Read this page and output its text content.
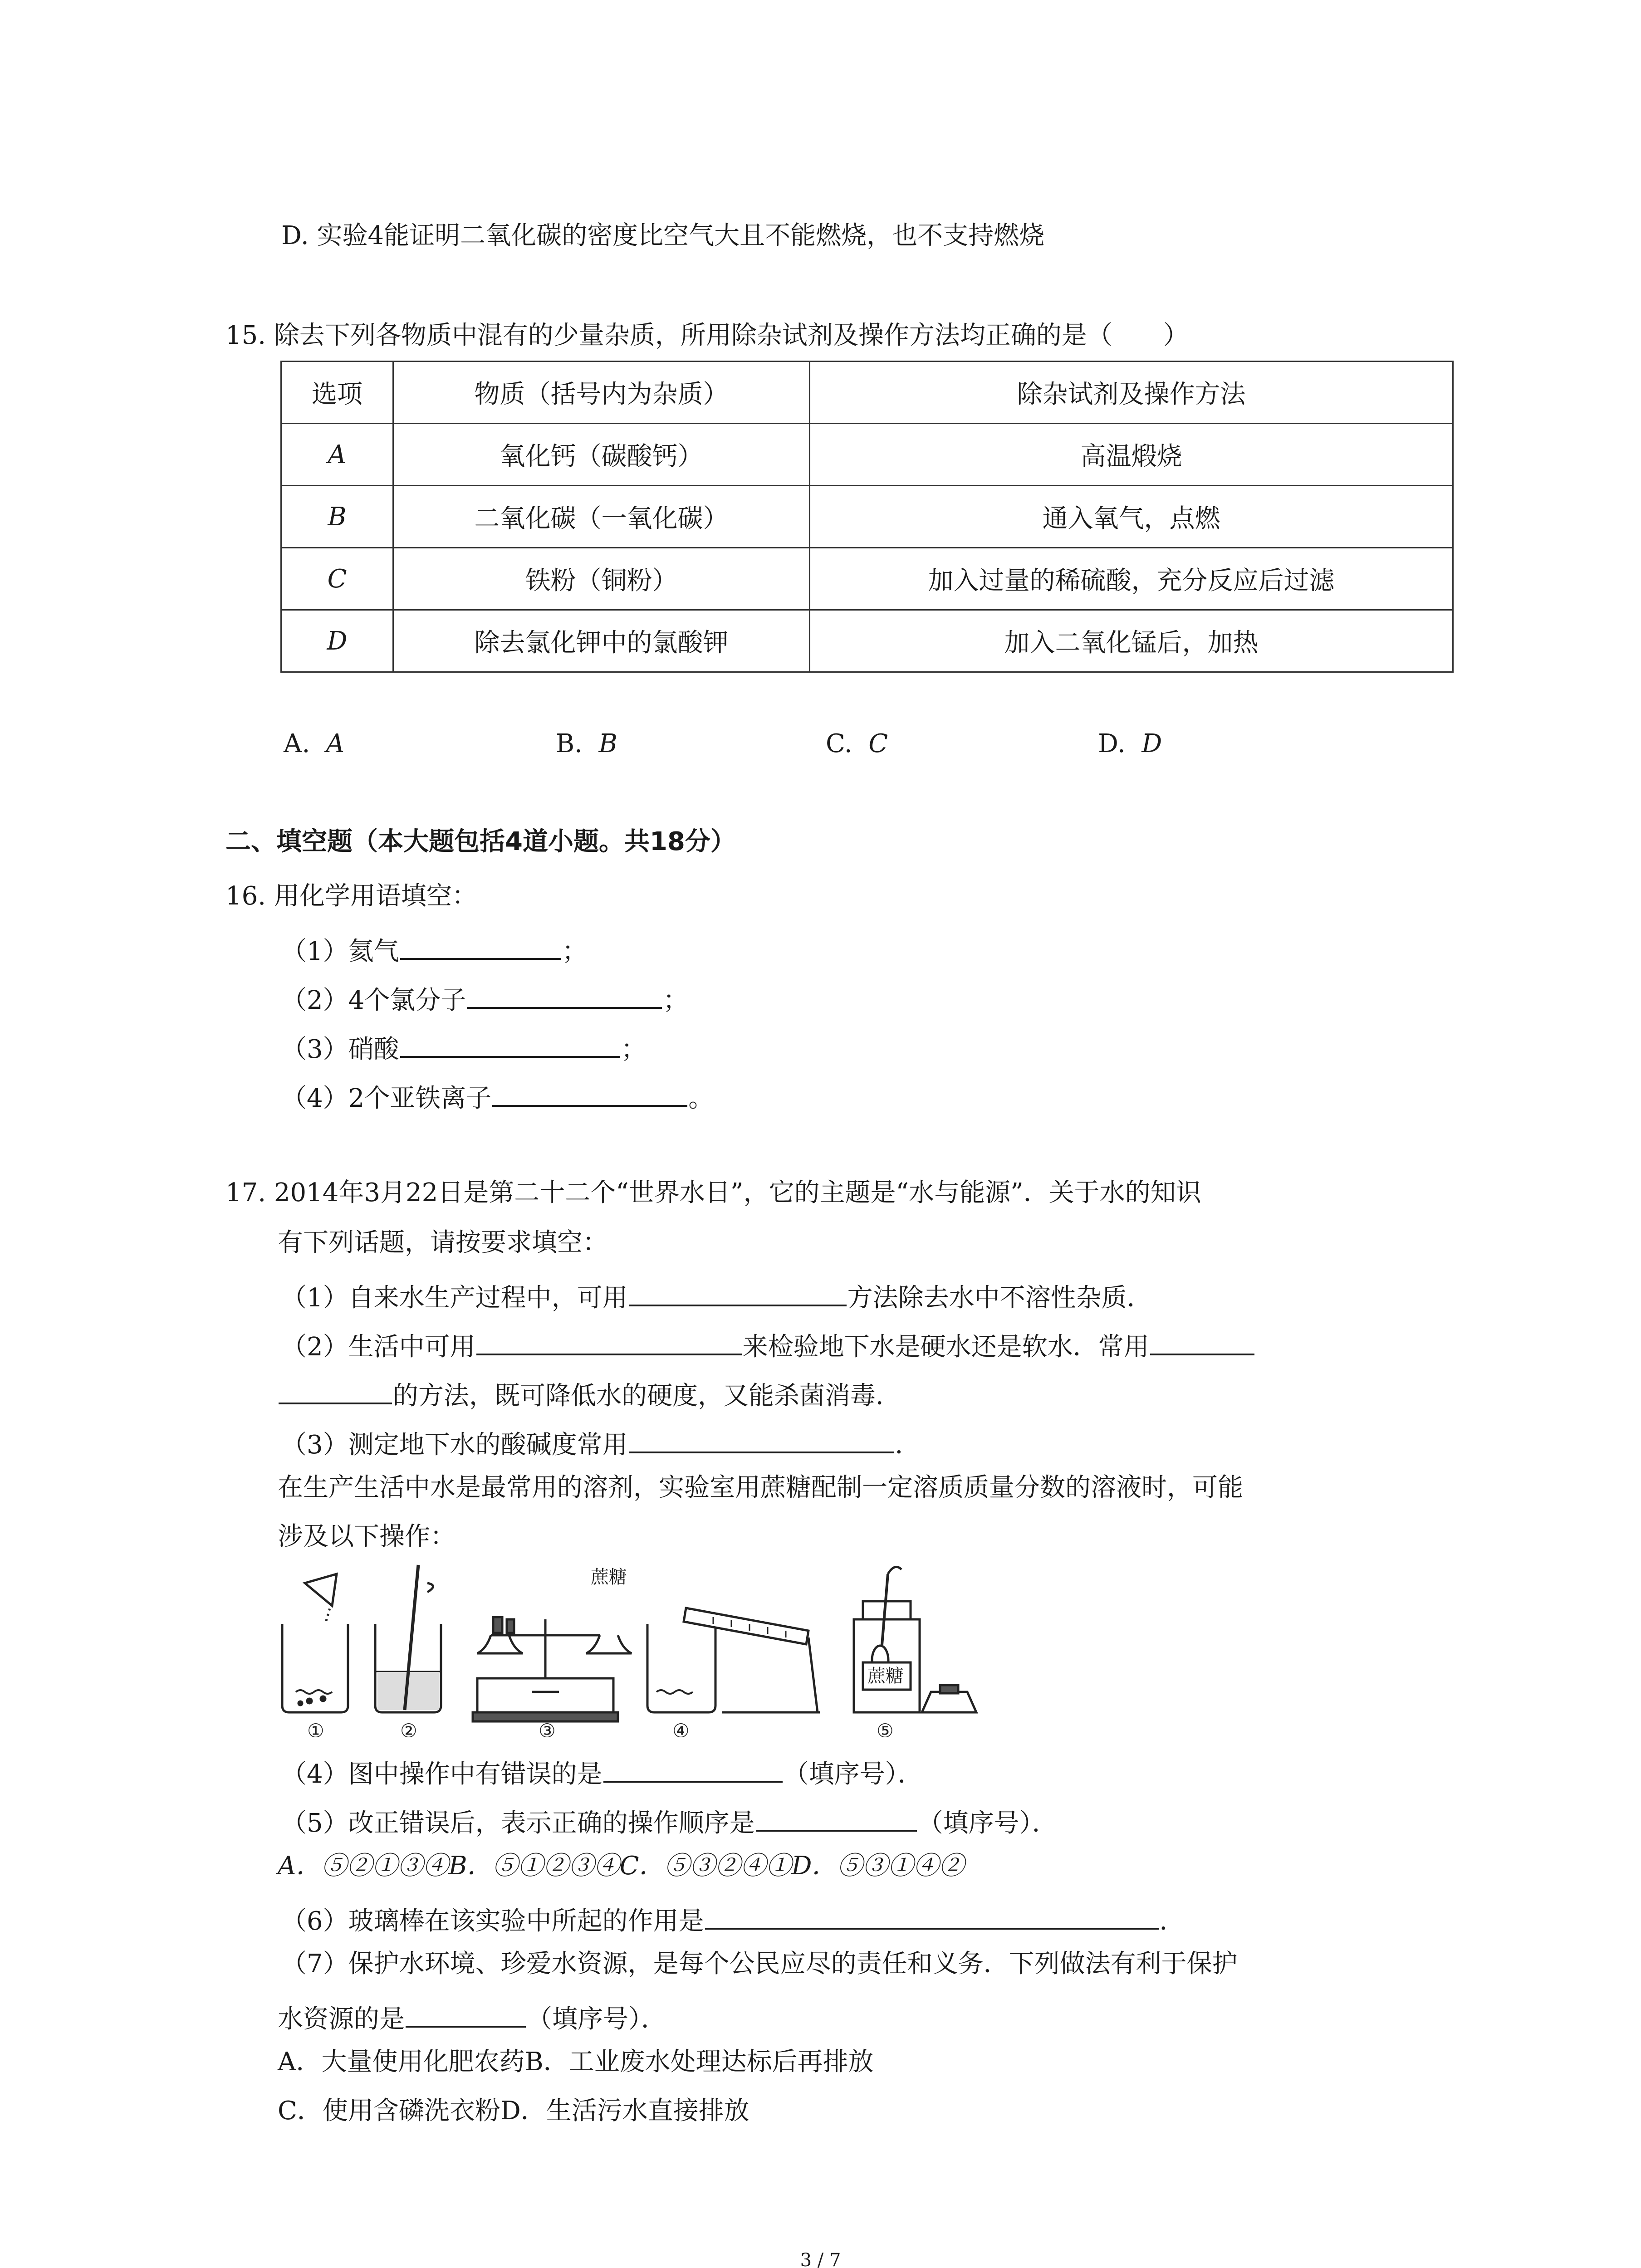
D. 实验4能证明二氧化碳的密度比空气大且不能燃烧，也不支持燃烧
15. 除去下列各物质中混有的少量杂质，所用除杂试剂及操作方法均正确的是（　　）
选项	物质（括号内为杂质）	除杂试剂及操作方法
A	氧化钙（碳酸钙）	高温煅烧
B	二氧化碳（一氧化碳）	通入氧气，点燃
C	铁粉（铜粉）	加入过量的稀硫酸，充分反应后过滤
D	除去氯化钾中的氯酸钾	加入二氧化锰后，加热
A. A	B. B	C. C	D. D
二、填空题（本大题包括4道小题。共18分）
16. 用化学用语填空：
（1）氦气	；
（2）4个氯分子	；
（3）硝酸	；
（4）2个亚铁离子	。
17. 2014年3月22日是第二十二个“世界水日”，它的主题是“水与能源”．关于水的知识
有下列话题，请按要求填空：
（1）自来水生产过程中，可用	方法除去水中不溶性杂质．
（2）生活中可用	来检验地下水是硬水还是软水．常用
的方法，既可降低水的硬度，又能杀菌消毒．
（3）测定地下水的酸碱度常用	．
在生产生活中水是最常用的溶剂，实验室用蔗糖配制一定溶质质量分数的溶液时，可能
涉及以下操作：
蔗糖
蔗糖
①	②	③	④	⑤
（4）图中操作中有错误的是	（填序号）．
（5）改正错误后，表示正确的操作顺序是	（填序号）．
A．⑤②①③④B．⑤①②③④C．⑤③②④①D．⑤③①④②
（6）玻璃棒在该实验中所起的作用是	．
（7）保护水环境、珍爱水资源，是每个公民应尽的责任和义务．下列做法有利于保护
水资源的是	（填序号）．
A．大量使用化肥农药B．工业废水处理达标后再排放
C．使用含磷洗衣粉D．生活污水直接排放
3 / 7
